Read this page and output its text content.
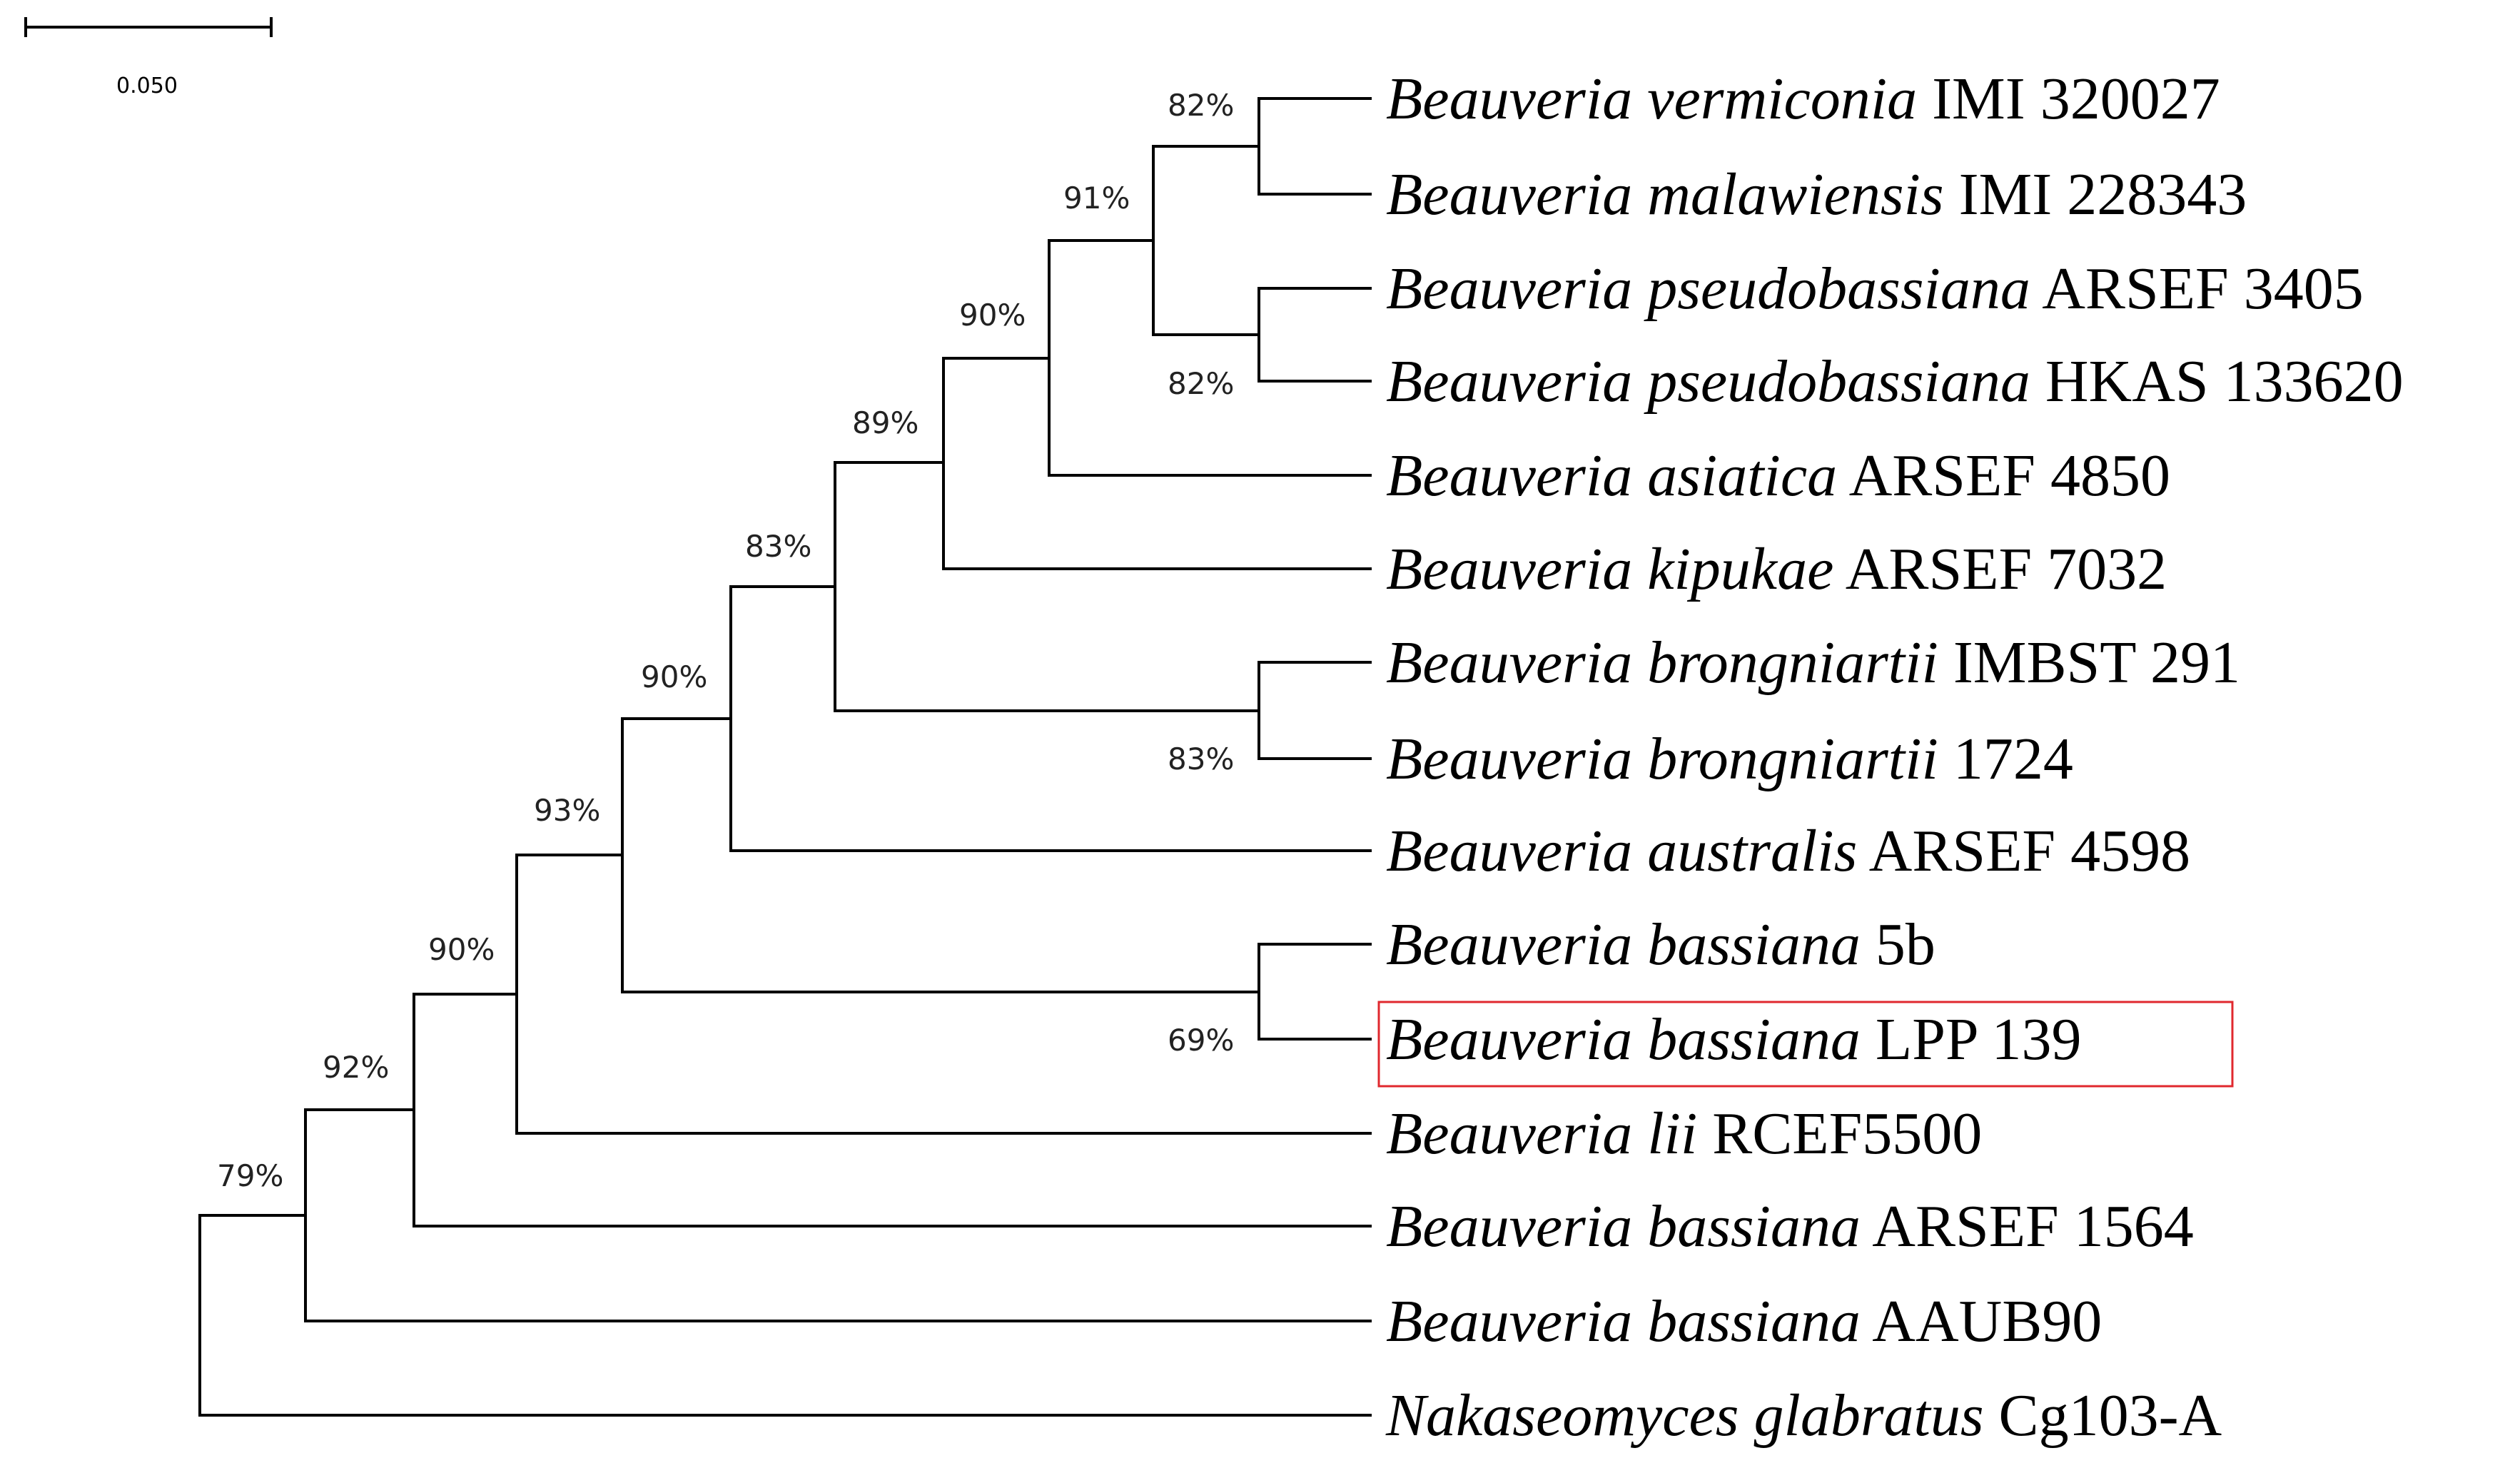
0.050
82%
82%
91%
90%
89%
83%
83%
90%
69%
93%
90%
92%
79%
Beauveria vermiconia IMI 320027
Beauveria malawiensis IMI 228343
Beauveria pseudobassiana ARSEF 3405
Beauveria pseudobassiana HKAS 133620
Beauveria asiatica ARSEF 4850
Beauveria kipukae ARSEF 7032
Beauveria brongniartii IMBST 291
Beauveria brongniartii 1724
Beauveria australis ARSEF 4598
Beauveria bassiana 5b
Beauveria bassiana LPP 139
Beauveria lii RCEF5500
Beauveria bassiana ARSEF 1564
Beauveria bassiana AAUB90
Nakaseomyces glabratus Cg103-A
